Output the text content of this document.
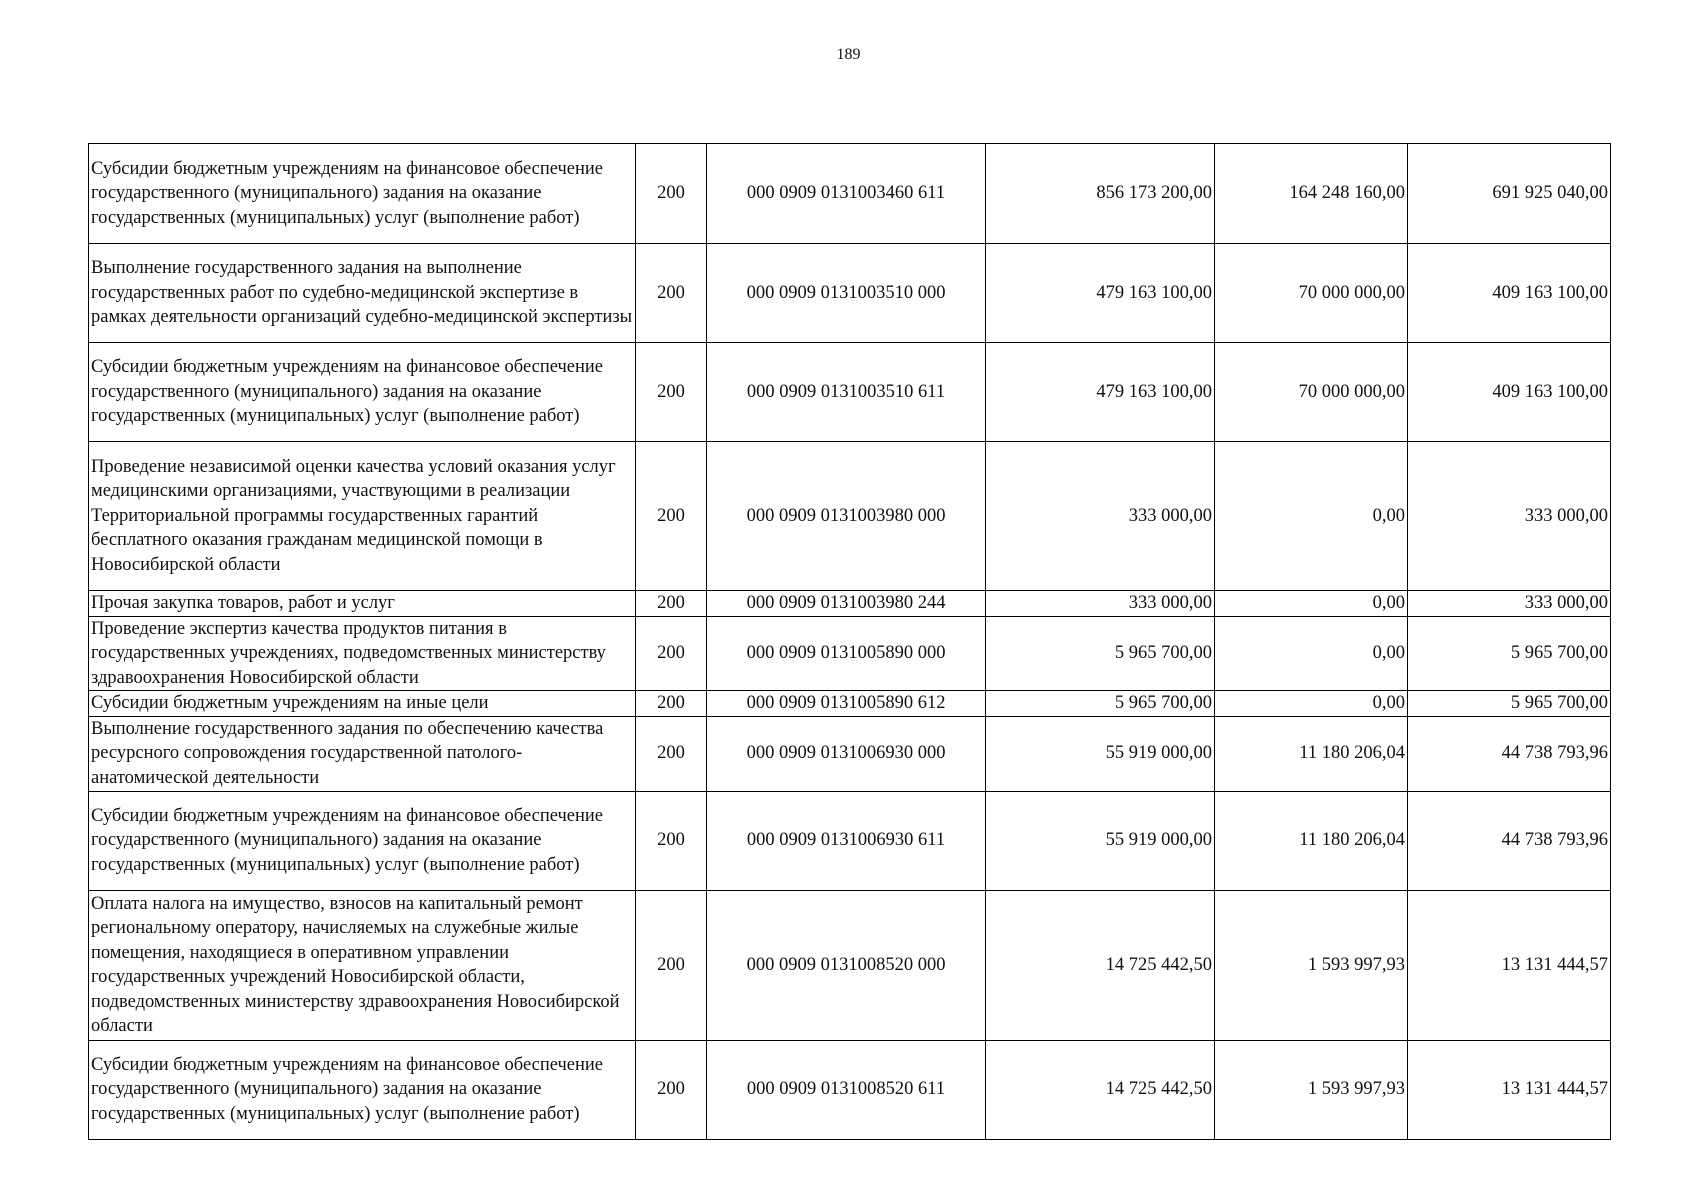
189
Субсидии бюджетным учреждениям на финансовое обеспечение государственного (муниципального) задания на оказание государственных (муниципальных) услуг (выполнение работ)	200	000 0909 0131003460 611	856 173 200,00	164 248 160,00	691 925 040,00
Выполнение государственного задания на выполнение государственных работ по судебно-медицинской экспертизе в рамках деятельности организаций судебно-медицинской экспертизы	200	000 0909 0131003510 000	479 163 100,00	70 000 000,00	409 163 100,00
Субсидии бюджетным учреждениям на финансовое обеспечение государственного (муниципального) задания на оказание государственных (муниципальных) услуг (выполнение работ)	200	000 0909 0131003510 611	479 163 100,00	70 000 000,00	409 163 100,00
Проведение независимой оценки качества условий оказания услуг медицинскими организациями, участвующими в реализации Территориальной программы государственных гарантий бесплатного оказания гражданам медицинской помощи в Новосибирской области	200	000 0909 0131003980 000	333 000,00	0,00	333 000,00
Прочая закупка товаров, работ и услуг	200	000 0909 0131003980 244	333 000,00	0,00	333 000,00
Проведение экспертиз качества продуктов питания в государственных учреждениях, подведомственных министерству здравоохранения Новосибирской области	200	000 0909 0131005890 000	5 965 700,00	0,00	5 965 700,00
Субсидии бюджетным учреждениям на иные цели	200	000 0909 0131005890 612	5 965 700,00	0,00	5 965 700,00
Выполнение государственного задания по обеспечению качества ресурсного сопровождения государственной патолого-анатомической деятельности	200	000 0909 0131006930 000	55 919 000,00	11 180 206,04	44 738 793,96
Субсидии бюджетным учреждениям на финансовое обеспечение государственного (муниципального) задания на оказание государственных (муниципальных) услуг (выполнение работ)	200	000 0909 0131006930 611	55 919 000,00	11 180 206,04	44 738 793,96
Оплата налога на имущество, взносов на капитальный ремонт региональному оператору, начисляемых на служебные жилые помещения, находящиеся в оперативном управлении государственных учреждений Новосибирской области, подведомственных министерству здравоохранения Новосибирской области	200	000 0909 0131008520 000	14 725 442,50	1 593 997,93	13 131 444,57
Субсидии бюджетным учреждениям на финансовое обеспечение государственного (муниципального) задания на оказание государственных (муниципальных) услуг (выполнение работ)	200	000 0909 0131008520 611	14 725 442,50	1 593 997,93	13 131 444,57
